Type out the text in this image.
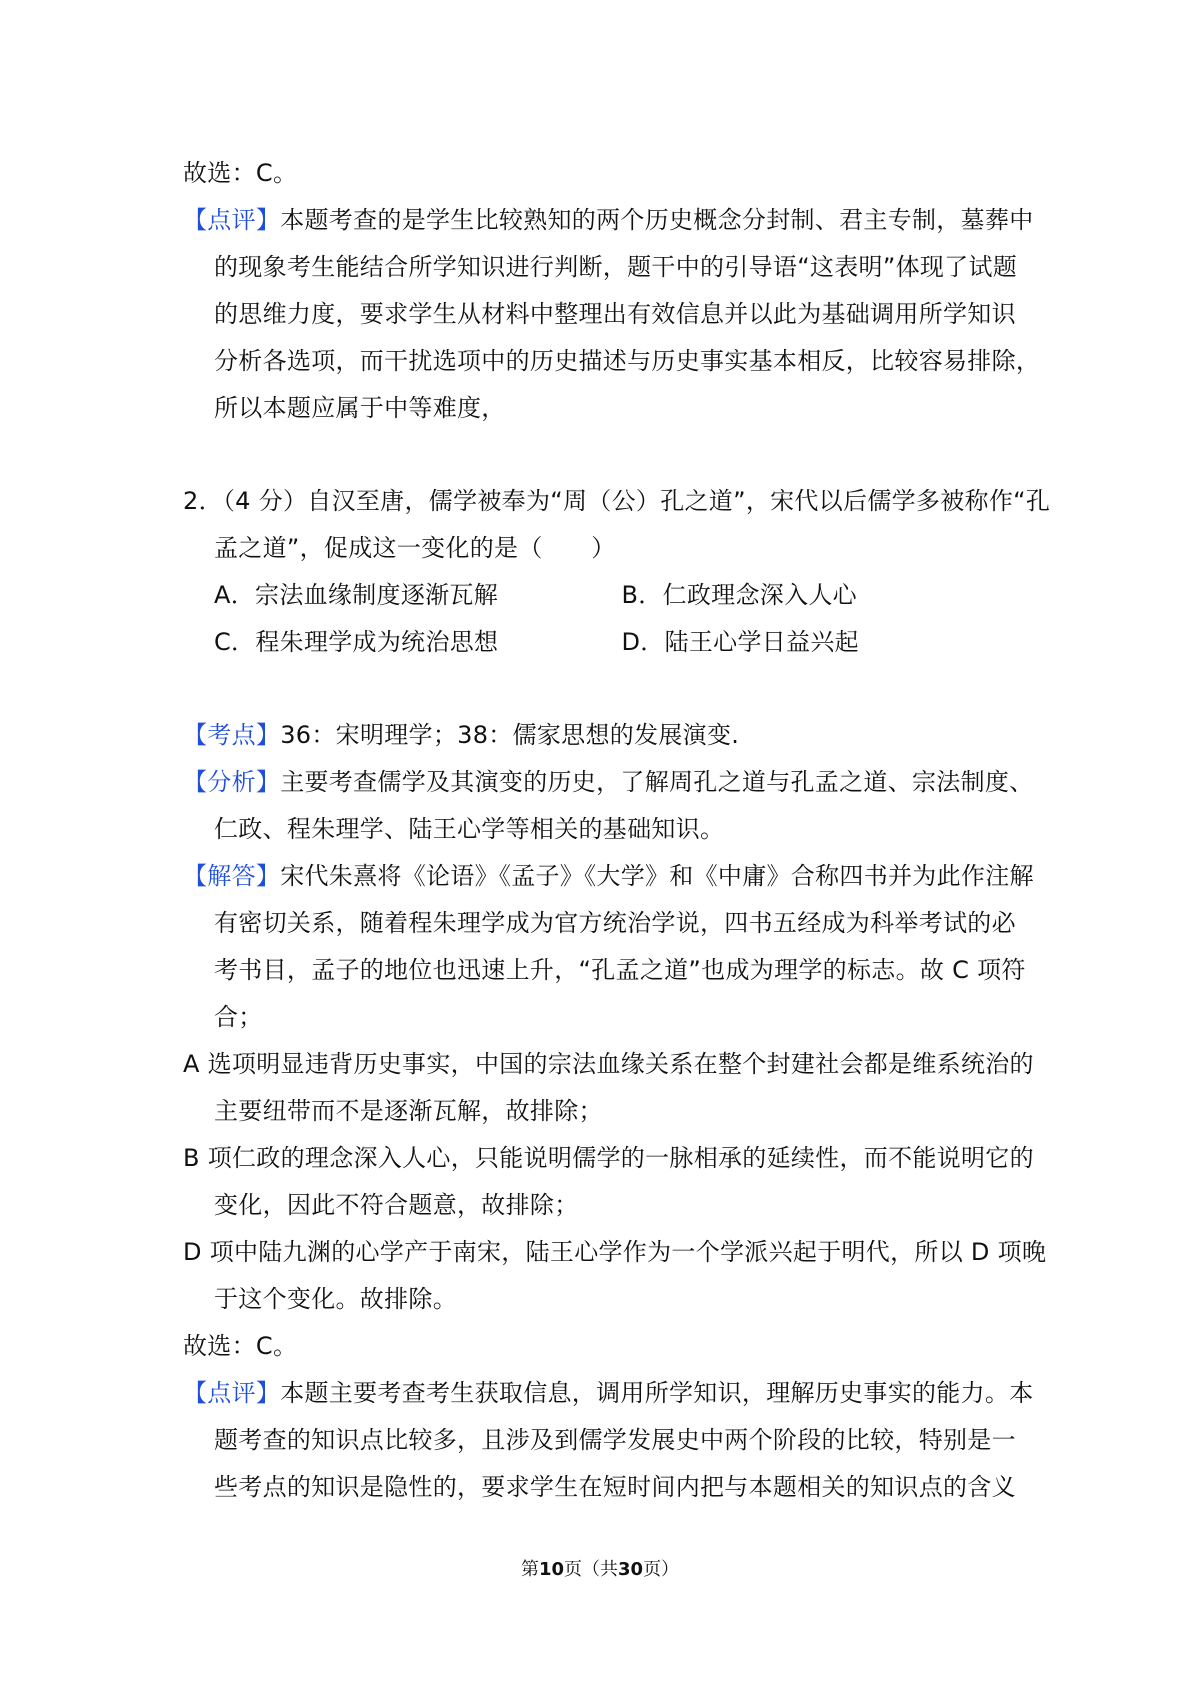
故选：C。
【点评】本题考查的是学生比较熟知的两个历史概念分封制、君主专制，墓葬中
的现象考生能结合所学知识进行判断，题干中的引导语“这表明”体现了试题
的思维力度，要求学生从材料中整理出有效信息并以此为基础调用所学知识
分析各选项，而干扰选项中的历史描述与历史事实基本相反，比较容易排除，
所以本题应属于中等难度，
2．（4 分）自汉至唐，儒学被奉为“周（公）孔之道”，宋代以后儒学多被称作“孔
孟之道”，促成这一变化的是（　　）
A．宗法血缘制度逐渐瓦解	B．仁政理念深入人心
C．程朱理学成为统治思想	D．陆王心学日益兴起
【考点】36：宋明理学；38：儒家思想的发展演变.
【分析】主要考查儒学及其演变的历史，了解周孔之道与孔孟之道、宗法制度、
仁政、程朱理学、陆王心学等相关的基础知识。
【解答】宋代朱熹将《论语》《孟子》《大学》和《中庸》合称四书并为此作注解
有密切关系，随着程朱理学成为官方统治学说，四书五经成为科举考试的必
考书目，孟子的地位也迅速上升，“孔孟之道”也成为理学的标志。故 C 项符
合；
A 选项明显违背历史事实，中国的宗法血缘关系在整个封建社会都是维系统治的
主要纽带而不是逐渐瓦解，故排除；
B 项仁政的理念深入人心，只能说明儒学的一脉相承的延续性，而不能说明它的
变化，因此不符合题意，故排除；
D 项中陆九渊的心学产于南宋，陆王心学作为一个学派兴起于明代，所以 D 项晚
于这个变化。故排除。
故选：C。
【点评】本题主要考查考生获取信息，调用所学知识，理解历史事实的能力。本
题考查的知识点比较多，且涉及到儒学发展史中两个阶段的比较，特别是一
些考点的知识是隐性的，要求学生在短时间内把与本题相关的知识点的含义
第10页（共30页）
